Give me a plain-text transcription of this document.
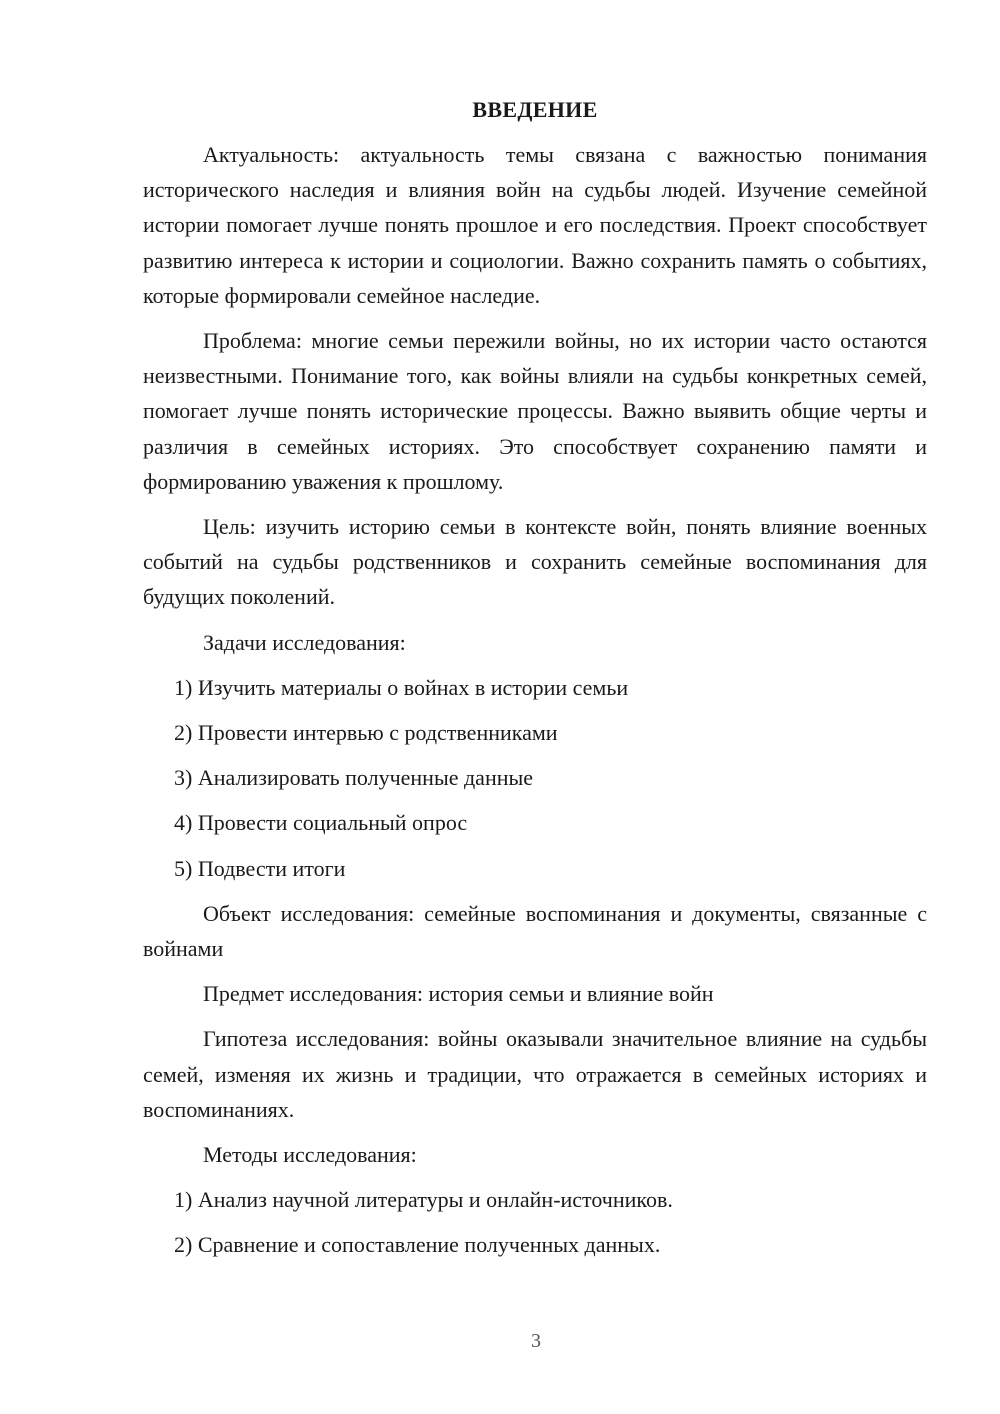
ВВЕДЕНИЕ

Актуальность: актуальность темы связана с важностью понимания исторического наследия и влияния войн на судьбы людей. Изучение семейной истории помогает лучше понять прошлое и его последствия. Проект способствует развитию интереса к истории и социологии. Важно сохранить память о событиях, которые формировали семейное наследие.

Проблема: многие семьи пережили войны, но их истории часто остаются неизвестными. Понимание того, как войны влияли на судьбы конкретных семей, помогает лучше понять исторические процессы. Важно выявить общие черты и различия в семейных историях. Это способствует сохранению памяти и формированию уважения к прошлому.

Цель: изучить историю семьи в контексте войн, понять влияние военных событий на судьбы родственников и сохранить семейные воспоминания для будущих поколений.

Задачи исследования:

1) Изучить материалы о войнах в истории семьи

2) Провести интервью с родственниками

3) Анализировать полученные данные

4) Провести социальный опрос

5) Подвести итоги

Объект исследования: семейные воспоминания и документы, связанные с войнами

Предмет исследования: история семьи и влияние войн

Гипотеза исследования: войны оказывали значительное влияние на судьбы семей, изменяя их жизнь и традиции, что отражается в семейных историях и воспоминаниях.

Методы исследования:

1) Анализ научной литературы и онлайн-источников.

2) Сравнение и сопоставление полученных данных.

3
